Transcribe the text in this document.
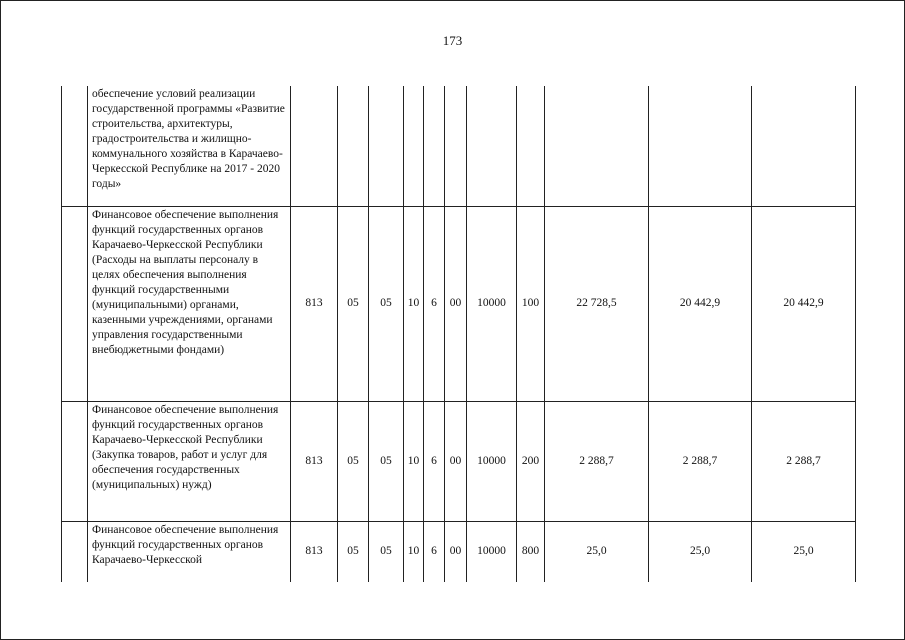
173
	обеспечение условий реализации государственной программы «Развитие строительства, архитектуры, градостроительства и жилищно-коммунального хозяйства в Карачаево-Черкесской Республике на 2017 - 2020 годы»											
	Финансовое обеспечение выполнения функций государственных органов Карачаево-Черкесской Республики (Расходы на выплаты персоналу в целях обеспечения выполнения функций государственными (муниципальными) органами, казенными учреждениями, органами управления государственными внебюджетными фондами)	813	05	05	10	6	00	10000	100	22 728,5	20 442,9	20 442,9
	Финансовое обеспечение выполнения функций государственных органов Карачаево-Черкесской Республики (Закупка товаров, работ и услуг для обеспечения государственных (муниципальных) нужд)	813	05	05	10	6	00	10000	200	2 288,7	2 288,7	2 288,7
	Финансовое обеспечение выполнения функций государственных органов Карачаево-Черкесской	813	05	05	10	6	00	10000	800	25,0	25,0	25,0
